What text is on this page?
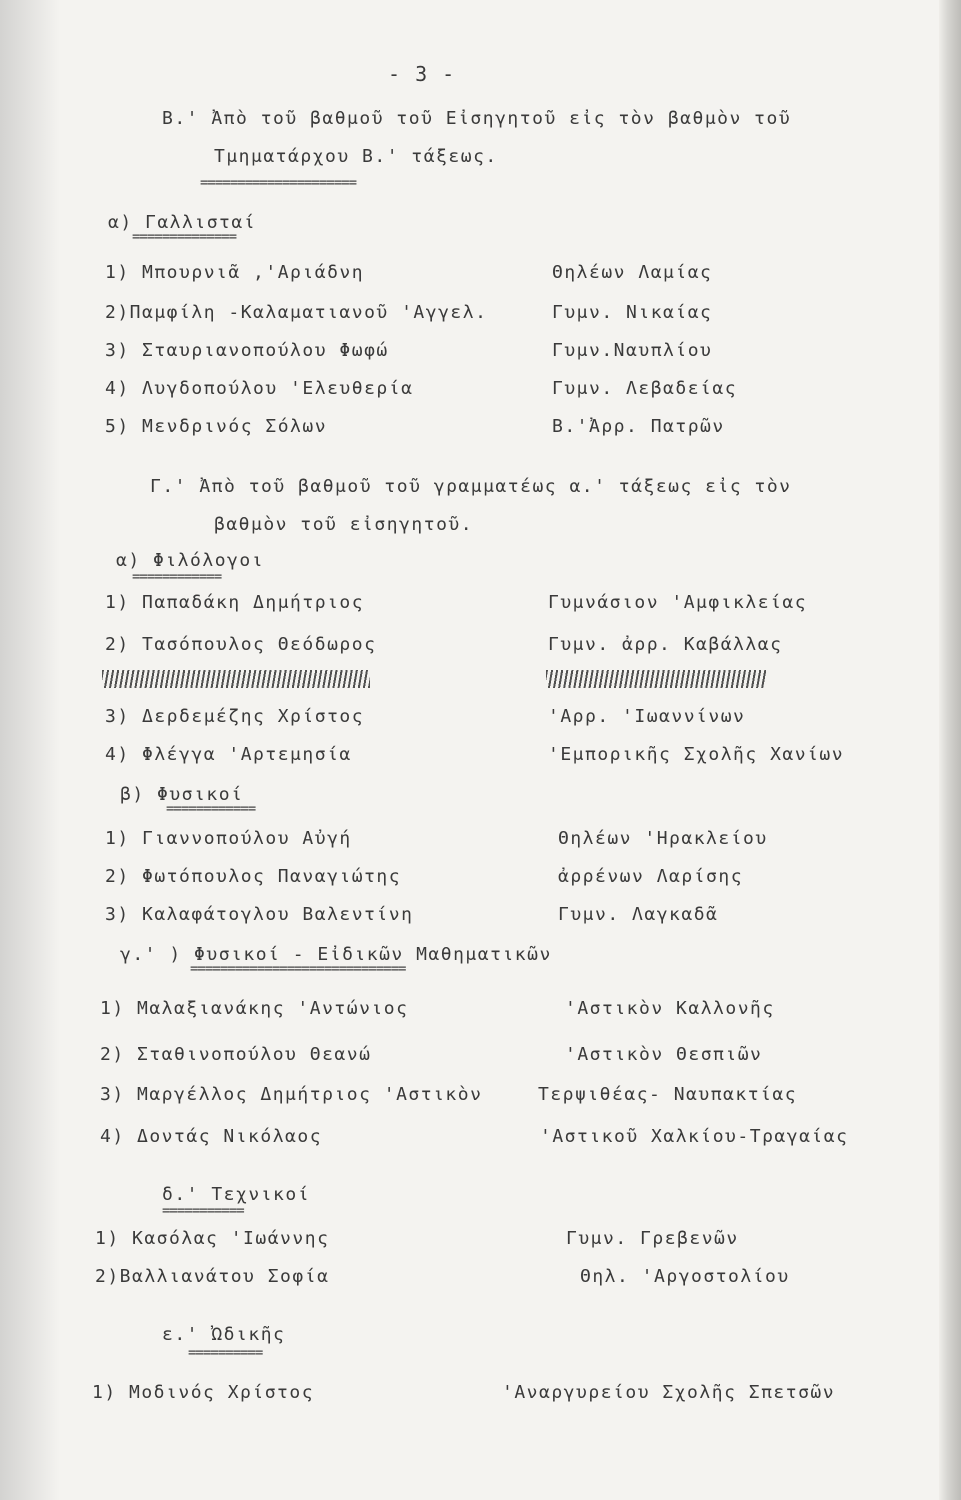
- 3 -
Β.' Ἀπὸ τοῦ βαθμοῦ τοῦ Εἰσηγητοῦ εἰς τὸν βαθμὸν τοῦ
Τμηματάρχου Β.' τάξεως.
=====================
α) Γαλλισταί
==============
1) Μπουρνιᾶ ,'Αριάδνη	Θηλέων Λαμίας
2)Παμφίλη -Καλαματιανοῦ 'Αγγελ.	Γυμν. Νικαίας
3) Σταυριανοπούλου Φωφώ	Γυμν.Ναυπλίου
4) Λυγδοπούλου 'Ελευθερία	Γυμν. Λεβαδείας
5) Μενδρινός Σόλων	Β.'Ἀρρ. Πατρῶν
Γ.' Ἀπὸ τοῦ βαθμοῦ τοῦ γραμματέως α.' τάξεως εἰς τὸν
βαθμὸν τοῦ εἰσηγητοῦ.
α) Φιλόλογοι
============
1) Παπαδάκη Δημήτριος	Γυμνάσιον 'Αμφικλείας
2) Τασόπουλος Θεόδωρος	Γυμν. ἀρρ. Καβάλλας
3) Δερδεμέζης Χρίστος	'Αρρ. 'Ιωαννίνων
4) Φλέγγα 'Αρτεμησία	'Εμπορικῆς Σχολῆς Χανίων
β) Φυσικοί
============
1) Γιαννοπούλου Αὐγή	Θηλέων 'Ηρακλείου
2) Φωτόπουλος Παναγιώτης	ἀρρένων Λαρίσης
3) Καλαφάτογλου Βαλεντίνη	Γυμν. Λαγκαδᾶ
γ.' ) Φυσικοί - Εἰδικῶν Μαθηματικῶν
=============================
1) Μαλαξιανάκης 'Αντώνιος	'Αστικὸν Καλλονῆς
2) Σταθινοπούλου Θεανώ	'Αστικὸν Θεσπιῶν
3) Μαργέλλος Δημήτριος 'Αστικὸν	Τερψιθέας- Ναυπακτίας
4) Δοντάς Νικόλαος	'Αστικοῦ Χαλκίου-Τραγαίας
δ.' Τεχνικοί
===========
1) Κασόλας 'Ιωάννης	Γυμν. Γρεβενῶν
2)Βαλλιανάτου Σοφία	Θηλ. 'Αργοστολίου
ε.' Ὠδικῆς
==========
1) Μοδινός Χρίστος	'Αναργυρείου Σχολῆς Σπετσῶν
